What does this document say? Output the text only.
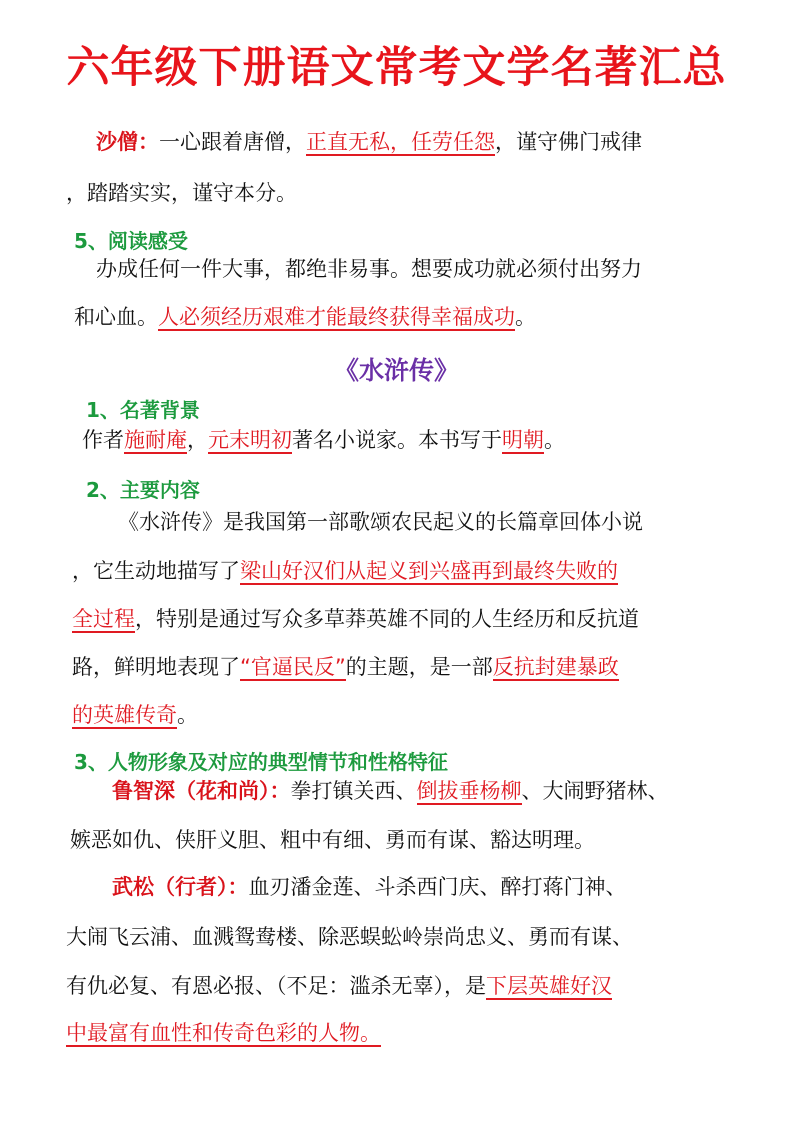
六年级下册语文常考文学名著汇总
沙僧：一心跟着唐僧，正直无私，任劳任怨，谨守佛门戒律
，踏踏实实，谨守本分。
5、阅读感受
办成任何一件大事，都绝非易事。想要成功就必须付出努力
和心血。人必须经历艰难才能最终获得幸福成功。
《水浒传》
1、名著背景
作者施耐庵，元末明初著名小说家。本书写于明朝。
2、主要内容
《水浒传》是我国第一部歌颂农民起义的长篇章回体小说
，它生动地描写了梁山好汉们从起义到兴盛再到最终失败的
全过程，特别是通过写众多草莽英雄不同的人生经历和反抗道
路，鲜明地表现了“官逼民反”的主题，是一部反抗封建暴政
的英雄传奇。
3、人物形象及对应的典型情节和性格特征
鲁智深（花和尚）：拳打镇关西、倒拔垂杨柳、大闹野猪林、
嫉恶如仇、侠肝义胆、粗中有细、勇而有谋、豁达明理。
武松（行者）：血刃潘金莲、斗杀西门庆、醉打蒋门神、
大闹飞云浦、血溅鸳鸯楼、除恶蜈蚣岭崇尚忠义、勇而有谋、
有仇必复、有恩必报、（不足：滥杀无辜），是下层英雄好汉
中最富有血性和传奇色彩的人物。
